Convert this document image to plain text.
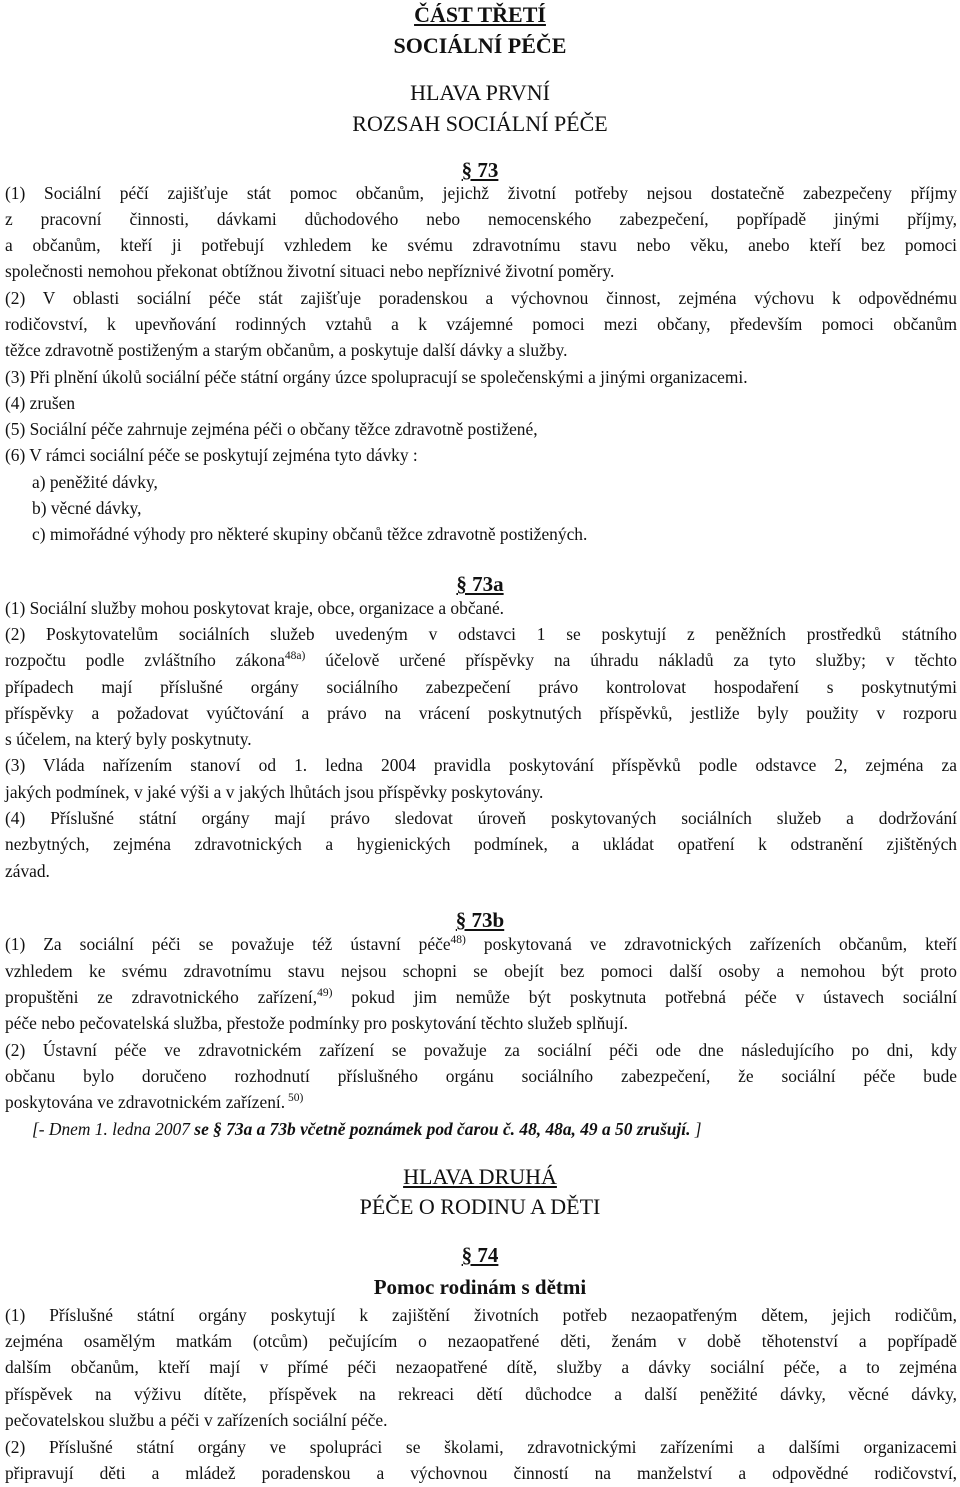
ČÁST TŘETÍ
SOCIÁLNÍ PÉČE
HLAVA PRVNÍ
ROZSAH SOCIÁLNÍ PÉČE
§ 73
(1) Sociální péčí zajišťuje stát pomoc občanům, jejichž životní potřeby nejsou dostatečně zabezpečeny příjmy
z pracovní činnosti, dávkami důchodového nebo nemocenského zabezpečení, popřípadě jinými příjmy,
a občanům, kteří ji potřebují vzhledem ke svému zdravotnímu stavu nebo věku, anebo kteří bez pomoci
společnosti nemohou překonat obtížnou životní situaci nebo nepříznivé životní poměry.
(2) V oblasti sociální péče stát zajišťuje poradenskou a výchovnou činnost, zejména výchovu k odpovědnému
rodičovství, k upevňování rodinných vztahů a k vzájemné pomoci mezi občany, především pomoci občanům
těžce zdravotně postiženým a starým občanům, a poskytuje další dávky a služby.
(3) Při plnění úkolů sociální péče státní orgány úzce spolupracují se společenskými a jinými organizacemi.
(4) zrušen
(5) Sociální péče zahrnuje zejména péči o občany těžce zdravotně postižené,
(6) V rámci sociální péče se poskytují zejména tyto dávky :
a) peněžité dávky,
b) věcné dávky,
c) mimořádné výhody pro některé skupiny občanů těžce zdravotně postižených.
§ 73a
(1) Sociální služby mohou poskytovat kraje, obce, organizace a občané.
(2) Poskytovatelům sociálních služeb uvedeným v odstavci 1 se poskytují z peněžních prostředků státního
rozpočtu podle zvláštního zákona$^{48a)}$ účelově určené příspěvky na úhradu nákladů za tyto služby; v těchto
případech mají příslušné orgány sociálního zabezpečení právo kontrolovat hospodaření s poskytnutými
příspěvky a požadovat vyúčtování a právo na vrácení poskytnutých příspěvků, jestliže byly použity v rozporu
s účelem, na který byly poskytnuty.
(3) Vláda nařízením stanoví od 1. ledna 2004 pravidla poskytování příspěvků podle odstavce 2, zejména za
jakých podmínek, v jaké výši a v jakých lhůtách jsou příspěvky poskytovány.
(4) Příslušné státní orgány mají právo sledovat úroveň poskytovaných sociálních služeb a dodržování
nezbytných, zejména zdravotnických a hygienických podmínek, a ukládat opatření k odstranění zjištěných
závad.
§ 73b
(1) Za sociální péči se považuje též ústavní péče$^{48)}$ poskytovaná ve zdravotnických zařízeních občanům, kteří
vzhledem ke svému zdravotnímu stavu nejsou schopni se obejít bez pomoci další osoby a nemohou být proto
propuštěni ze zdravotnického zařízení,$^{49)}$ pokud jim nemůže být poskytnuta potřebná péče v ústavech sociální
péče nebo pečovatelská služba, přestože podmínky pro poskytování těchto služeb splňují.
(2) Ústavní péče ve zdravotnickém zařízení se považuje za sociální péči ode dne následujícího po dni, kdy
občanu bylo doručeno rozhodnutí příslušného orgánu sociálního zabezpečení, že sociální péče bude
poskytována ve zdravotnickém zařízení. $^{50)}$
[- Dnem 1. ledna 2007 se § 73a a 73b včetně poznámek pod čarou č. 48, 48a, 49 a 50 zrušují. ]
HLAVA DRUHÁ
PÉČE O RODINU A DĚTI
§ 74
Pomoc rodinám s dětmi
(1) Příslušné státní orgány poskytují k zajištění životních potřeb nezaopatřeným dětem, jejich rodičům,
zejména osamělým matkám (otcům) pečujícím o nezaopatřené děti, ženám v době těhotenství a popřípadě
dalším občanům, kteří mají v přímé péči nezaopatřené dítě, služby a dávky sociální péče, a to zejména
příspěvek na výživu dítěte, příspěvek na rekreaci dětí důchodce a další peněžité dávky, věcné dávky,
pečovatelskou službu a péči v zařízeních sociální péče.
(2) Příslušné státní orgány ve spolupráci se školami, zdravotnickými zařízeními a dalšími organizacemi
připravují děti a mládež poradenskou a výchovnou činností na manželství a odpovědné rodičovství,
